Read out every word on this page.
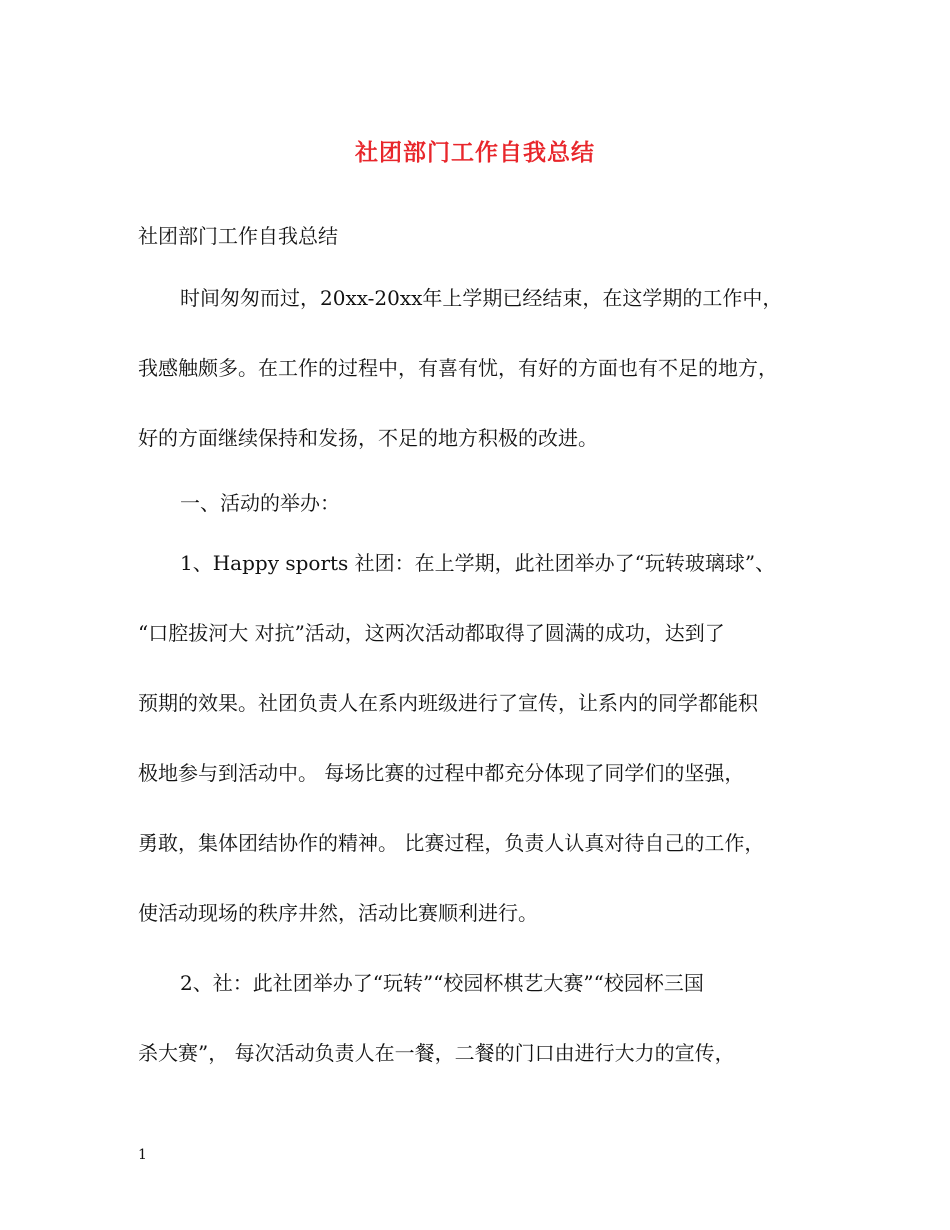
社团部门工作自我总结
社团部门工作自我总结
时间匆匆而过，20xx-20xx年上学期已经结束，在这学期的工作中，
我感触颇多。在工作的过程中，有喜有忧，有好的方面也有不足的地方，
好的方面继续保持和发扬，不足的地方积极的改进。
一、活动的举办：
1、Happy sports 社团：在上学期，此社团举办了“玩转玻璃球”、
“口腔拔河大 对抗”活动，这两次活动都取得了圆满的成功，达到了
预期的效果。社团负责人在系内班级进行了宣传，让系内的同学都能积
极地参与到活动中。 每场比赛的过程中都充分体现了同学们的坚强，
勇敢，集体团结协作的精神。 比赛过程，负责人认真对待自己的工作，
使活动现场的秩序井然，活动比赛顺利进行。
2、社：此社团举办了“玩转”“校园杯棋艺大赛”“校园杯三国
杀大赛”， 每次活动负责人在一餐，二餐的门口由进行大力的宣传，
1
